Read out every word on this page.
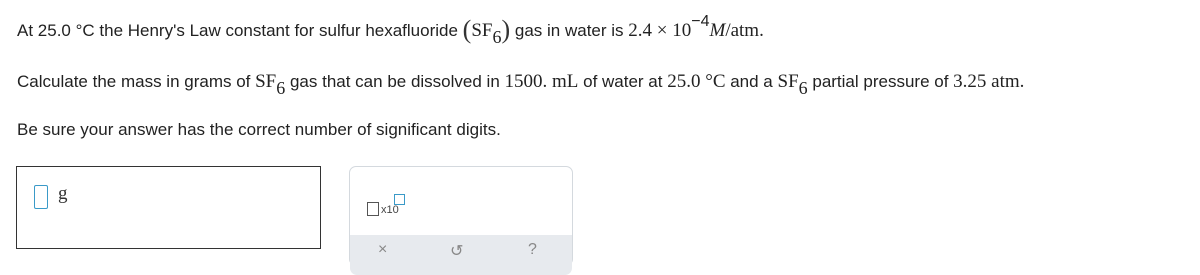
At 25.0 °C the Henry's Law constant for sulfur hexafluoride (SF6) gas in water is 2.4 × 10−4M/atm.
Calculate the mass in grams of SF6 gas that can be dissolved in 1500. mL of water at 25.0 °C and a SF6 partial pressure of 3.25 atm.
Be sure your answer has the correct number of significant digits.
g
x10
×	↺	?
